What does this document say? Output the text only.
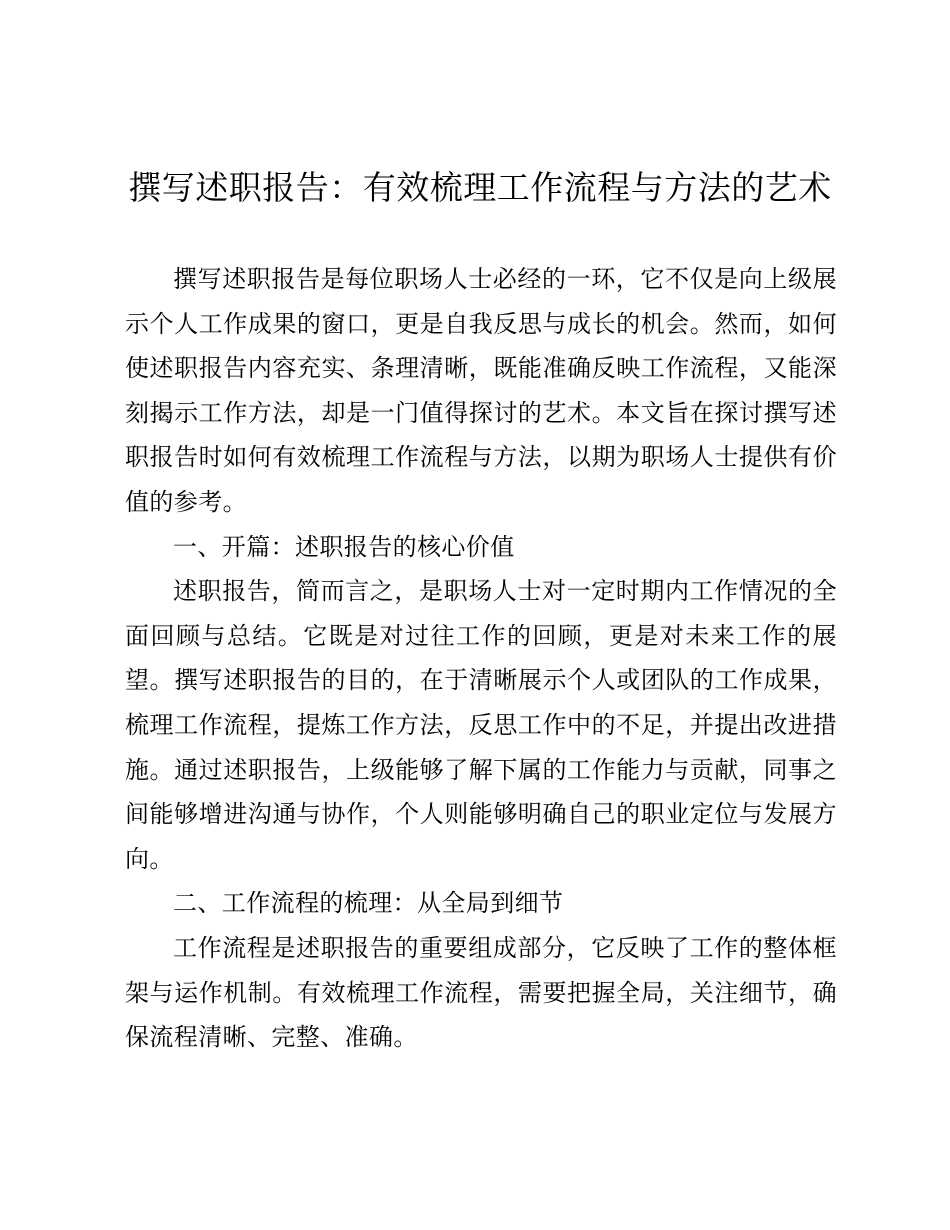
撰写述职报告：有效梳理工作流程与方法的艺术

撰写述职报告是每位职场人士必经的一环，它不仅是向上级展示个人工作成果的窗口，更是自我反思与成长的机会。然而，如何使述职报告内容充实、条理清晰，既能准确反映工作流程，又能深刻揭示工作方法，却是一门值得探讨的艺术。本文旨在探讨撰写述职报告时如何有效梳理工作流程与方法，以期为职场人士提供有价值的参考。

一、开篇：述职报告的核心价值

述职报告，简而言之，是职场人士对一定时期内工作情况的全面回顾与总结。它既是对过往工作的回顾，更是对未来工作的展望。撰写述职报告的目的，在于清晰展示个人或团队的工作成果，梳理工作流程，提炼工作方法，反思工作中的不足，并提出改进措施。通过述职报告，上级能够了解下属的工作能力与贡献，同事之间能够增进沟通与协作，个人则能够明确自己的职业定位与发展方向。

二、工作流程的梳理：从全局到细节

工作流程是述职报告的重要组成部分，它反映了工作的整体框架与运作机制。有效梳理工作流程，需要把握全局，关注细节，确保流程清晰、完整、准确。
